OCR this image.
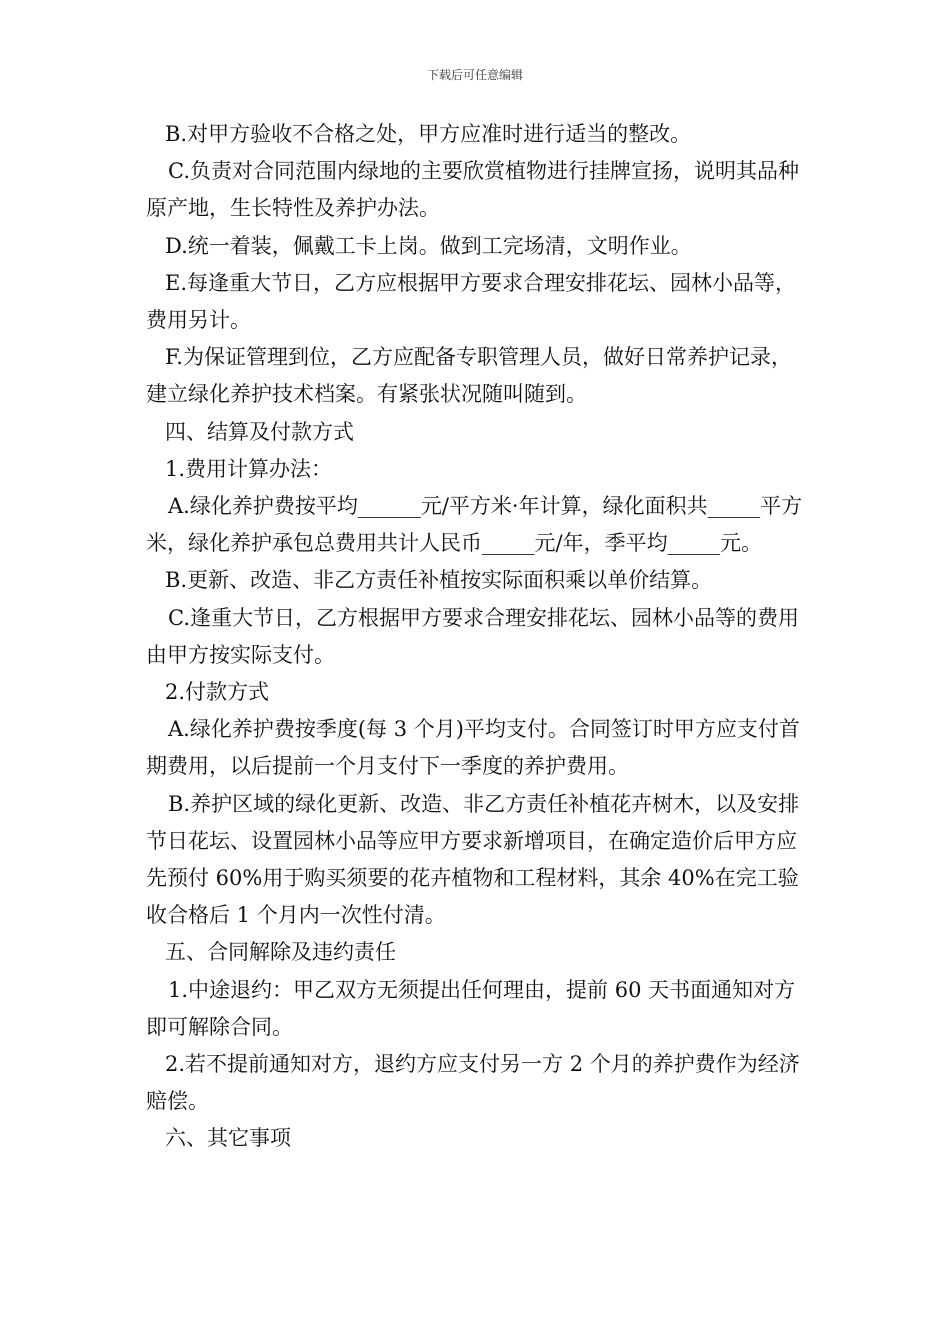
下载后可任意编辑

B.对甲方验收不合格之处，甲方应准时进行适当的整改。

C.负责对合同范围内绿地的主要欣赏植物进行挂牌宣扬，说明其品种原产地，生长特性及养护办法。

D.统一着装，佩戴工卡上岗。做到工完场清，文明作业。

E.每逢重大节日，乙方应根据甲方要求合理安排花坛、园林小品等，费用另计。

F.为保证管理到位，乙方应配备专职管理人员，做好日常养护记录，建立绿化养护技术档案。有紧张状况随叫随到。

四、结算及付款方式

1.费用计算办法：

A.绿化养护费按平均______元/平方米·年计算，绿化面积共_____平方米，绿化养护承包总费用共计人民币_____元/年，季平均_____元。

B.更新、改造、非乙方责任补植按实际面积乘以单价结算。

C.逢重大节日，乙方根据甲方要求合理安排花坛、园林小品等的费用由甲方按实际支付。

2.付款方式

A.绿化养护费按季度(每 3 个月)平均支付。合同签订时甲方应支付首期费用，以后提前一个月支付下一季度的养护费用。

B.养护区域的绿化更新、改造、非乙方责任补植花卉树木，以及安排节日花坛、设置园林小品等应甲方要求新增项目，在确定造价后甲方应先预付 60%用于购买须要的花卉植物和工程材料，其余 40%在完工验收合格后 1 个月内一次性付清。

五、合同解除及违约责任

1.中途退约：甲乙双方无须提出任何理由，提前 60 天书面通知对方即可解除合同。

2.若不提前通知对方，退约方应支付另一方 2 个月的养护费作为经济赔偿。

六、其它事项
